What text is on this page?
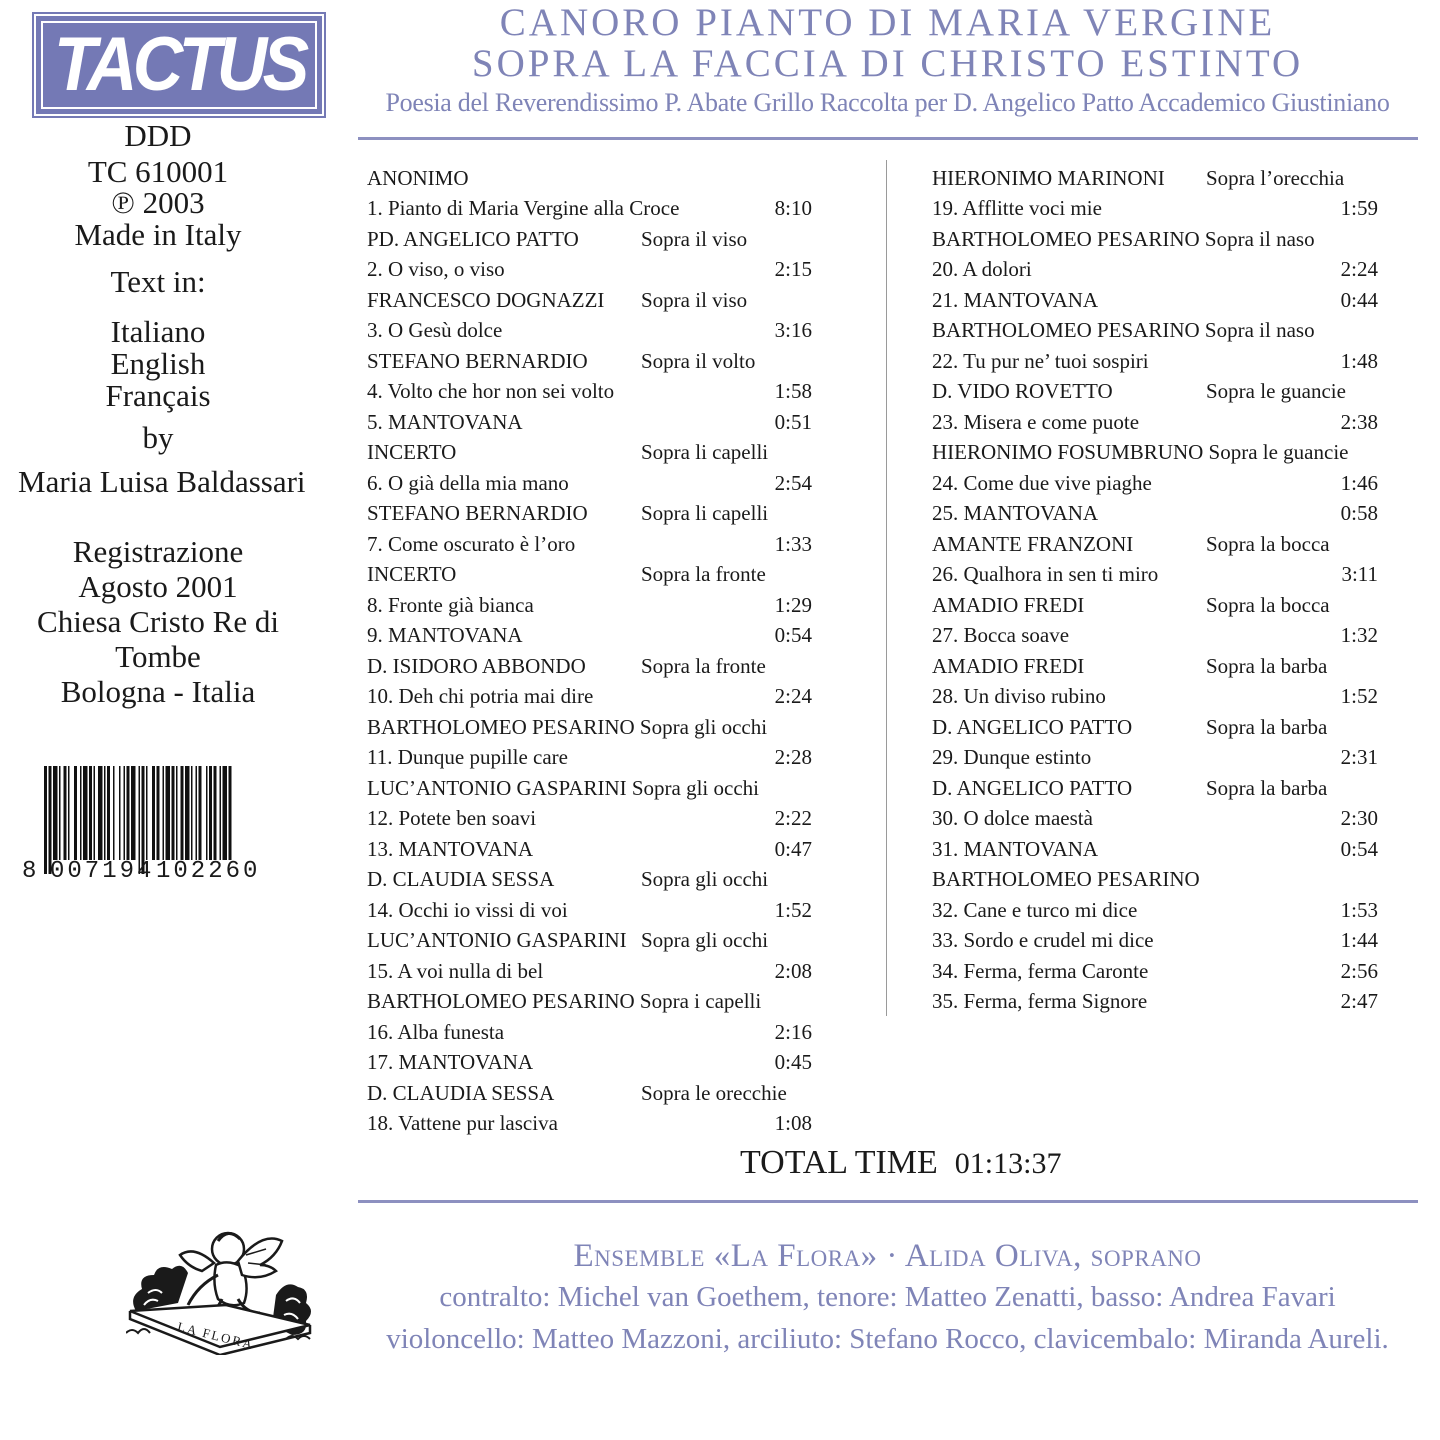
TACTUS
DDD
TC 610001
℗ 2003
Made in Italy
Text in:
Italiano
English
Français
by
Maria Luisa Baldassari
Registrazione
Agosto 2001
Chiesa Cristo Re di
Tombe
Bologna - Italia
8 007194 102260
LA FLORA
CANORO PIANTO DI MARIA VERGINE
SOPRA LA FACCIA DI CHRISTO ESTINTO
Poesia del Reverendissimo P. Abate Grillo Raccolta per D. Angelico Patto Accademico Giustiniano
ANONIMO
1. Pianto di Maria Vergine alla Croce	8:10
PD. ANGELICO PATTO	Sopra il viso
2. O viso, o viso	2:15
FRANCESCO DOGNAZZI Sopra il viso
3. O Gesù dolce	3:16
STEFANO BERNARDIO	Sopra il volto
4. Volto che hor non sei volto	1:58
5. MANTOVANA	0:51
INCERTO	Sopra li capelli
6. O già della mia mano	2:54
STEFANO BERNARDIO	Sopra li capelli
7. Come oscurato è l’oro	1:33
INCERTO	Sopra la fronte
8. Fronte già bianca	1:29
9. MANTOVANA	0:54
D. ISIDORO ABBONDO	Sopra la fronte
10. Deh chi potria mai dire	2:24
BARTHOLOMEO PESARINO Sopra gli occhi
11. Dunque pupille care	2:28
LUC’ANTONIO GASPARINI Sopra gli occhi
12. Potete ben soavi	2:22
13. MANTOVANA	0:47
D. CLAUDIA SESSA	Sopra gli occhi
14. Occhi io vissi di voi	1:52
LUC’ANTONIO GASPARINI Sopra gli occhi
15. A voi nulla di bel	2:08
BARTHOLOMEO PESARINO Sopra i capelli
16. Alba funesta	2:16
17. MANTOVANA	0:45
D. CLAUDIA SESSA	Sopra le orecchie
18. Vattene pur lasciva	1:08
HIERONIMO MARINONI Sopra l’orecchia
19. Afflitte voci mie	1:59
BARTHOLOMEO PESARINO Sopra il naso
20. A dolori	2:24
21. MANTOVANA	0:44
BARTHOLOMEO PESARINO Sopra il naso
22. Tu pur ne’ tuoi sospiri	1:48
D. VIDO ROVETTO	Sopra le guancie
23. Misera e come puote	2:38
HIERONIMO FOSUMBRUNO Sopra le guancie
24. Come due vive piaghe	1:46
25. MANTOVANA	0:58
AMANTE FRANZONI	Sopra la bocca
26. Qualhora in sen ti miro	3:11
AMADIO FREDI	Sopra la bocca
27. Bocca soave	1:32
AMADIO FREDI	Sopra la barba
28. Un diviso rubino	1:52
D. ANGELICO PATTO	Sopra la barba
29. Dunque estinto	2:31
D. ANGELICO PATTO	Sopra la barba
30. O dolce maestà	2:30
31. MANTOVANA	0:54
BARTHOLOMEO PESARINO
32. Cane e turco mi dice	1:53
33. Sordo e crudel mi dice	1:44
34. Ferma, ferma Caronte	2:56
35. Ferma, ferma Signore	2:47
TOTAL TIME 01:13:37
Ensemble «La Flora» · Alida Oliva, soprano
contralto: Michel van Goethem, tenore: Matteo Zenatti, basso: Andrea Favari
violoncello: Matteo Mazzoni, arciliuto: Stefano Rocco, clavicembalo: Miranda Aureli.
